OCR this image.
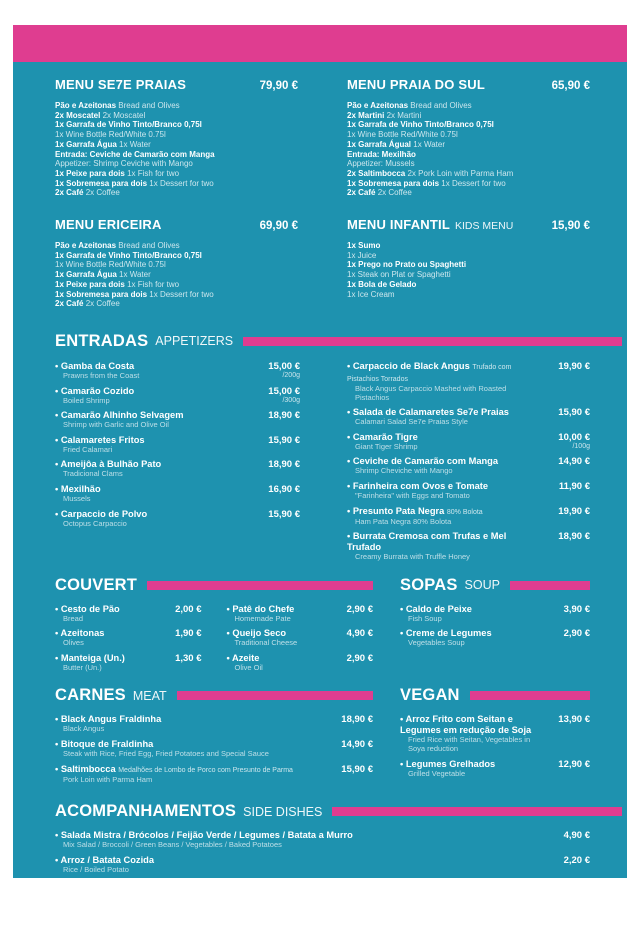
MENU SE7E PRAIAS	79,90 €
Pão e Azeitonas Bread and Olives
2x Moscatel 2x Moscatel
1x Garrafa de Vinho Tinto/Branco 0,75l
1x Wine Bottle Red/White 0.75l
1x Garrafa Água 1x Water
Entrada: Ceviche de Camarão com Manga
Appetizer: Shrimp Ceviche with Mango
1x Peixe para dois 1x Fish for two
1x Sobremesa para dois 1x Dessert for two
2x Café 2x Coffee
MENU ERICEIRA	69,90 €
Pão e Azeitonas Bread and Olives
1x Garrafa de Vinho Tinto/Branco 0,75l
1x Wine Bottle Red/White 0.75l
1x Garrafa Água 1x Water
1x Peixe para dois 1x Fish for two
1x Sobremesa para dois 1x Dessert for two
2x Café 2x Coffee
MENU PRAIA DO SUL	65,90 €
Pão e Azeitonas Bread and Olives
2x Martini 2x Martini
1x Garrafa de Vinho Tinto/Branco 0,75l
1x Wine Bottle Red/White 0.75l
1x Garrafa Águal 1x Water
Entrada: Mexilhão
Appetizer: Mussels
2x Saltimbocca 2x Pork Loin with Parma Ham
1x Sobremesa para dois 1x Dessert for two
2x Café 2x Coffee
MENU INFANTIL KIDS MENU	15,90 €
1x Sumo
1x Juice
1x Prego no Prato ou Spaghetti
1x Steak on Plat or Spaghetti
1x Bola de Gelado
1x Ice Cream
ENTRADAS APPETIZERS
• Gamba da Costa
Prawns from the Coast
15,00 €
/200g
• Camarão Cozido
Boiled Shrimp
15,00 €
/300g
• Camarão Alhinho Selvagem
Shrimp with Garlic and Olive Oil
18,90 €
• Calamaretes Fritos
Fried Calamari
15,90 €
• Ameijôa à Bulhão Pato
Tradicional Clams
18,90 €
• Mexilhão
Mussels
16,90 €
• Carpaccio de Polvo
Octopus Carpaccio
15,90 €
• Carpaccio de Black Angus Trufado com Pistachios Torrados
Black Angus Carpaccio Mashed with Roasted Pistachios
19,90 €
• Salada de Calamaretes Se7e Praias
Calamari Salad Se7e Praias Style
15,90 €
• Camarão Tigre
Giant Tiger Shrimp
10,00 €
/100g
• Ceviche de Camarão com Manga
Shrimp Cheviche with Mango
14,90 €
• Farinheira com Ovos e Tomate
"Farinheira" with Eggs and Tomato
11,90 €
• Presunto Pata Negra 80% Bolota
Ham Pata Negra 80% Bolota
19,90 €
• Burrata Cremosa com Trufas e Mel Trufado
Creamy Burrata with Truffle Honey
18,90 €
COUVERT
• Cesto de Pão
Bread
2,00 €
• Azeitonas
Olives
1,90 €
• Manteiga (Un.)
Butter (Un.)
1,30 €
• Patê do Chefe
Homemade Pate
2,90 €
• Queijo Seco
Traditional Cheese
4,90 €
• Azeite
Olive Oil
2,90 €
SOPAS SOUP
• Caldo de Peixe
Fish Soup
3,90 €
• Creme de Legumes
Vegetables Soup
2,90 €
CARNES MEAT
• Black Angus Fraldinha
Black Angus
18,90 €
• Bitoque de Fraldinha
Steak with Rice, Fried Egg, Fried Potatoes and Special Sauce
14,90 €
• Saltimbocca Medalhões de Lombo de Porco com Presunto de Parma
Pork Loin with Parma Ham
15,90 €
VEGAN
• Arroz Frito com Seitan e Legumes em redução de Soja
Fried Rice with Seitan, Vegetables in Soya reduction
13,90 €
• Legumes Grelhados
Grilled Vegetable
12,90 €
ACOMPANHAMENTOS SIDE DISHES
• Salada Mistra / Brócolos / Feijão Verde / Legumes / Batata a Murro
Mix Salad / Broccoli / Green Beans / Vegetables / Baked Potatoes
4,90 €
• Arroz / Batata Cozida
Rice / Boiled Potato
2,20 €
Nenhum prato, produto alimentar ou bebida, incluindo couvert, pode ser cobrado se não for solicitado - No dish, food product or drink, including cover charge, can be charged unless requested.
Este estabelecimento dispõe de livro de reclamações. IVA incluído à taxa legal em vigor - This establishment has a complaints book. VAT included at the current rate
